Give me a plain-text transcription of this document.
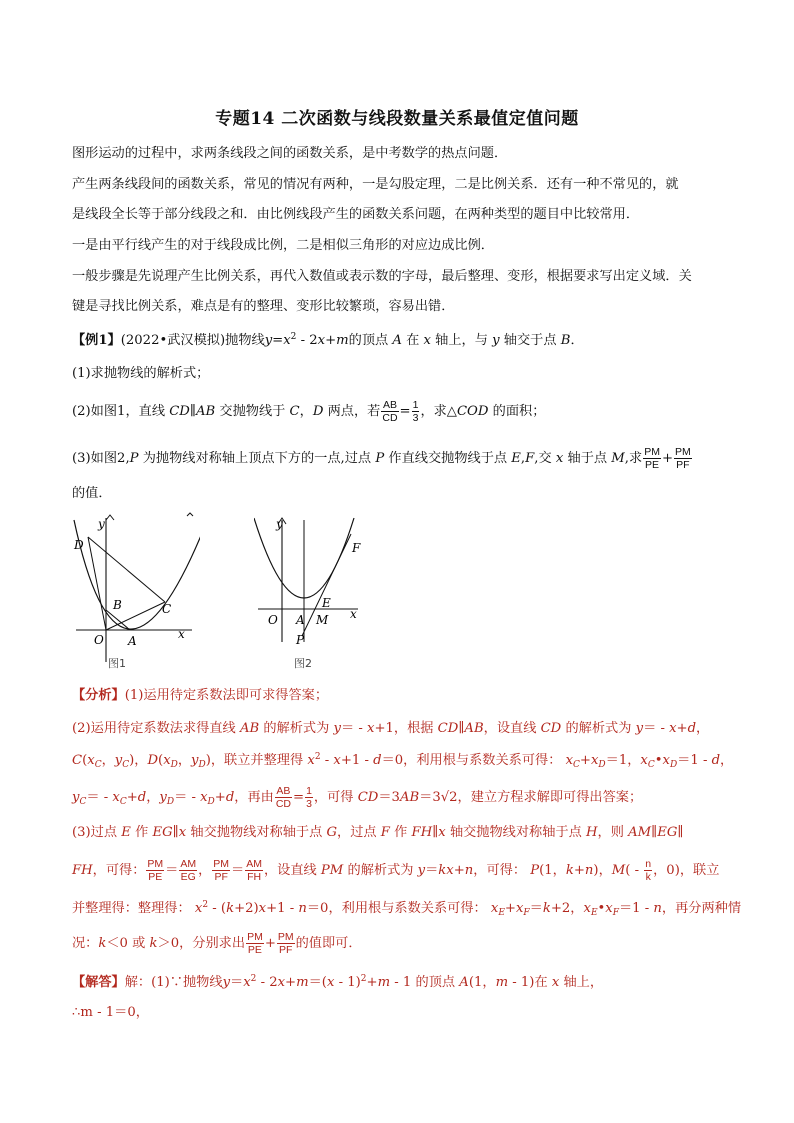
专题14 二次函数与线段数量关系最值定值问题
图形运动的过程中，求两条线段之间的函数关系，是中考数学的热点问题．
产生两条线段间的函数关系，常见的情况有两种，一是勾股定理，二是比例关系．还有一种不常见的，就
是线段全长等于部分线段之和．由比例线段产生的函数关系问题，在两种类型的题目中比较常用．
一是由平行线产生的对于线段成比例，二是相似三角形的对应边成比例．
一般步骤是先说理产生比例关系，再代入数值或表示数的字母，最后整理、变形，根据要求写出定义域．关
键是寻找比例关系，难点是有的整理、变形比较繁琐，容易出错．
【例1】(2022•武汉模拟)抛物线$y=x^2 - 2x+m$的顶点 A 在 x 轴上，与 y 轴交于点 B．
(1)求抛物线的解析式；
(2)如图1，直线 CD∥AB 交抛物线于 C，D 两点，若 $\frac{AB}{CD} = \frac{1}{3}$ ，求△COD 的面积；
(3)如图2,P 为抛物线对称轴上顶点下方的一点,过点 P 作直线交抛物线于点 E,F,交 x 轴于点 M,求 $\frac{PM}{PE} + \frac{PM}{PF}$
的值．
y
D
B	C
O A	x
图1
y
F
O A
E
M x
P
图2
【分析】(1)运用待定系数法即可求得答案；
(2)运用待定系数法求得直线 AB 的解析式为 y＝ - x+1，根据 CD∥AB，设直线 CD 的解析式为 y＝ - x+d，
$C(x_C$，$y_C$)，$D(x_D$，$y_D$)，联立并整理得 $x^2 - x+1 - d=0$，利用根与系数关系可得： $x_C+x_D=1$，$x_C•x_D=1 - d$，
$y_C= - x_C+d$，$y_D= - x_D+d$，再由 $\frac{AB}{CD} = \frac{1}{3}$ ，可得 CD＝3AB＝3√2，建立方程求解即可得出答案；
(3)过点 E 作 EG∥x 轴交抛物线对称轴于点 G，过点 F 作 FH∥x 轴交抛物线对称轴于点 H，则 AM∥EG∥
FH，可得： $\frac{PM}{PE} = \frac{AM}{EG}$ ， $\frac{PM}{PF} = \frac{AM}{FH}$ ，设直线 PM 的解析式为 y＝kx+n，可得： P(1，k+n)，$M( - \frac{n}{k}$ ，0)，联立
并整理得：整理得： $x^2 - (k+2)x+1 - n=0$，利用根与系数关系可得： $x_E+x_F=k+2$，$x_E•x_F=1 - n$，再分两种情
况：k＜0 或 k＞0，分别求出 $\frac{PM}{PE} + \frac{PM}{PF}$ 的值即可．
【解答】解：(1)∵抛物线$y=x^2 - 2x+m=(x - 1)^2+m - 1$ 的顶点 A(1，m - 1)在 x 轴上，
∴m - 1＝0，
